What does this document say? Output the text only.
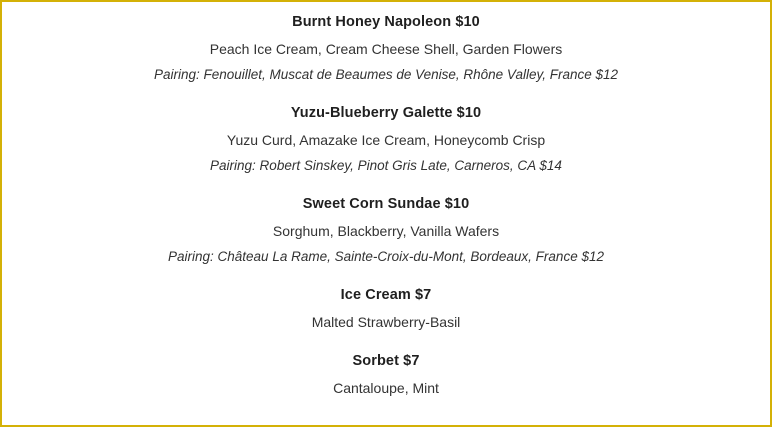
Burnt Honey Napoleon $10
Peach Ice Cream, Cream Cheese Shell, Garden Flowers
Pairing: Fenouillet, Muscat de Beaumes de Venise, Rhône Valley, France $12
Yuzu-Blueberry Galette $10
Yuzu Curd, Amazake Ice Cream, Honeycomb Crisp
Pairing: Robert Sinskey, Pinot Gris Late, Carneros, CA $14
Sweet Corn Sundae $10
Sorghum, Blackberry, Vanilla Wafers
Pairing: Château La Rame, Sainte-Croix-du-Mont, Bordeaux, France $12
Ice Cream $7
Malted Strawberry-Basil
Sorbet $7
Cantaloupe, Mint
